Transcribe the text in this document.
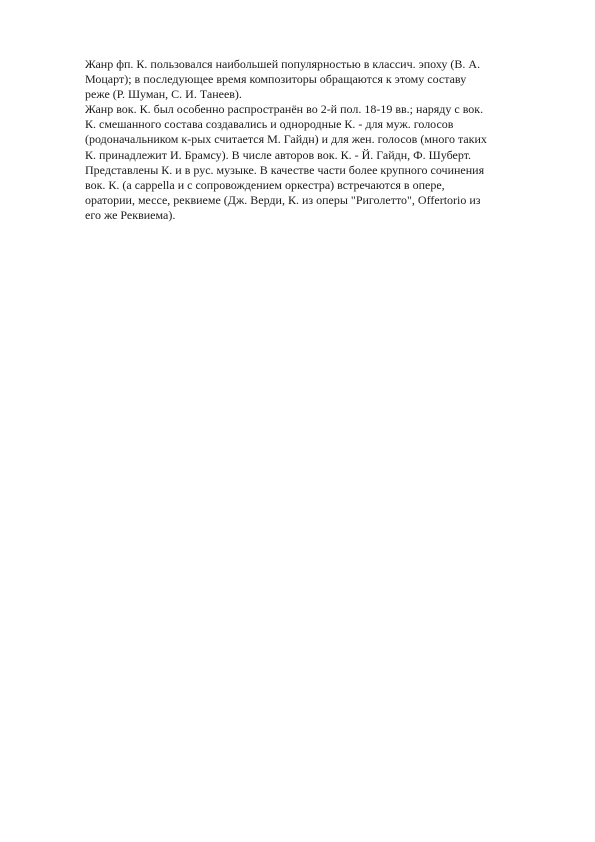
Жанр фп. К. пользовался наибольшей популярностью в классич. эпоху (В. А.
Моцарт); в последующее время композиторы обращаются к этому составу
реже (Р. Шуман, С. И. Танеев).
Жанр вок. К. был особенно распространён во 2-й пол. 18-19 вв.; наряду с вок.
К. смешанного состава создавались и однородные К. - для муж. голосов
(родоначальником к-рых считается М. Гайдн) и для жен. голосов (много таких
К. принадлежит И. Брамсу). В числе авторов вок. К. - Й. Гайдн, Ф. Шуберт.
Представлены К. и в рус. музыке. В качестве части более крупного сочинения
вок. К. (a cappella и с сопровождением оркестра) встречаются в опере,
оратории, мессе, реквиеме (Дж. Верди, К. из оперы "Риголетто", Offertorio из
его же Реквиема).
